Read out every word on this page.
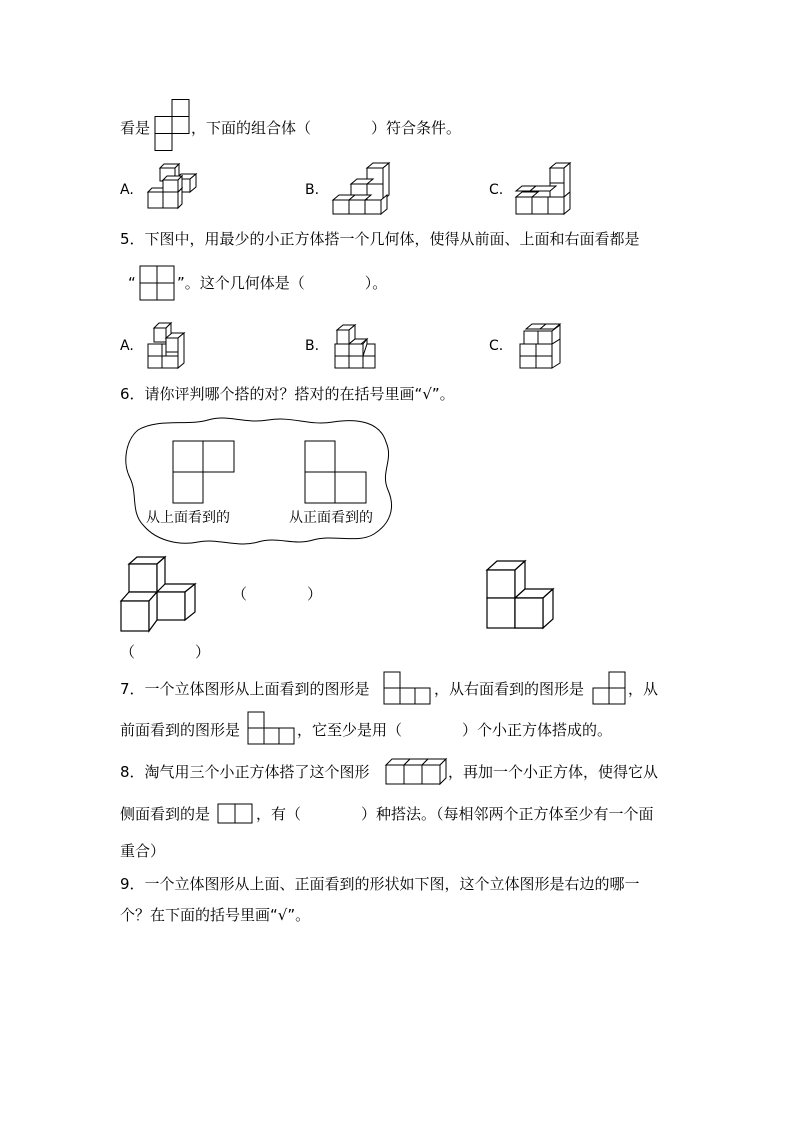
看是	，下面的组合体（　　　　）符合条件。
A.	B.	C.
5．下图中，用最少的小正方体搭一个几何体，使得从前面、上面和右面看都是
“	”。这个几何体是（　　　　）。
A.	B.	C.
6．请你评判哪个搭的对？搭对的在括号里画“√”。
从上面看到的	从正面看到的
（　　　　）
（　　　　）
7．一个立体图形从上面看到的图形是	，从右面看到的图形是	，从
前面看到的图形是	，它至少是用（　　　　）个小正方体搭成的。
8．淘气用三个小正方体搭了这个图形	，再加一个小正方体，使得它从
侧面看到的是	，有（　　　　）种搭法。（每相邻两个正方体至少有一个面
重合）
9．一个立体图形从上面、正面看到的形状如下图，这个立体图形是右边的哪一
个？在下面的括号里画“√”。
